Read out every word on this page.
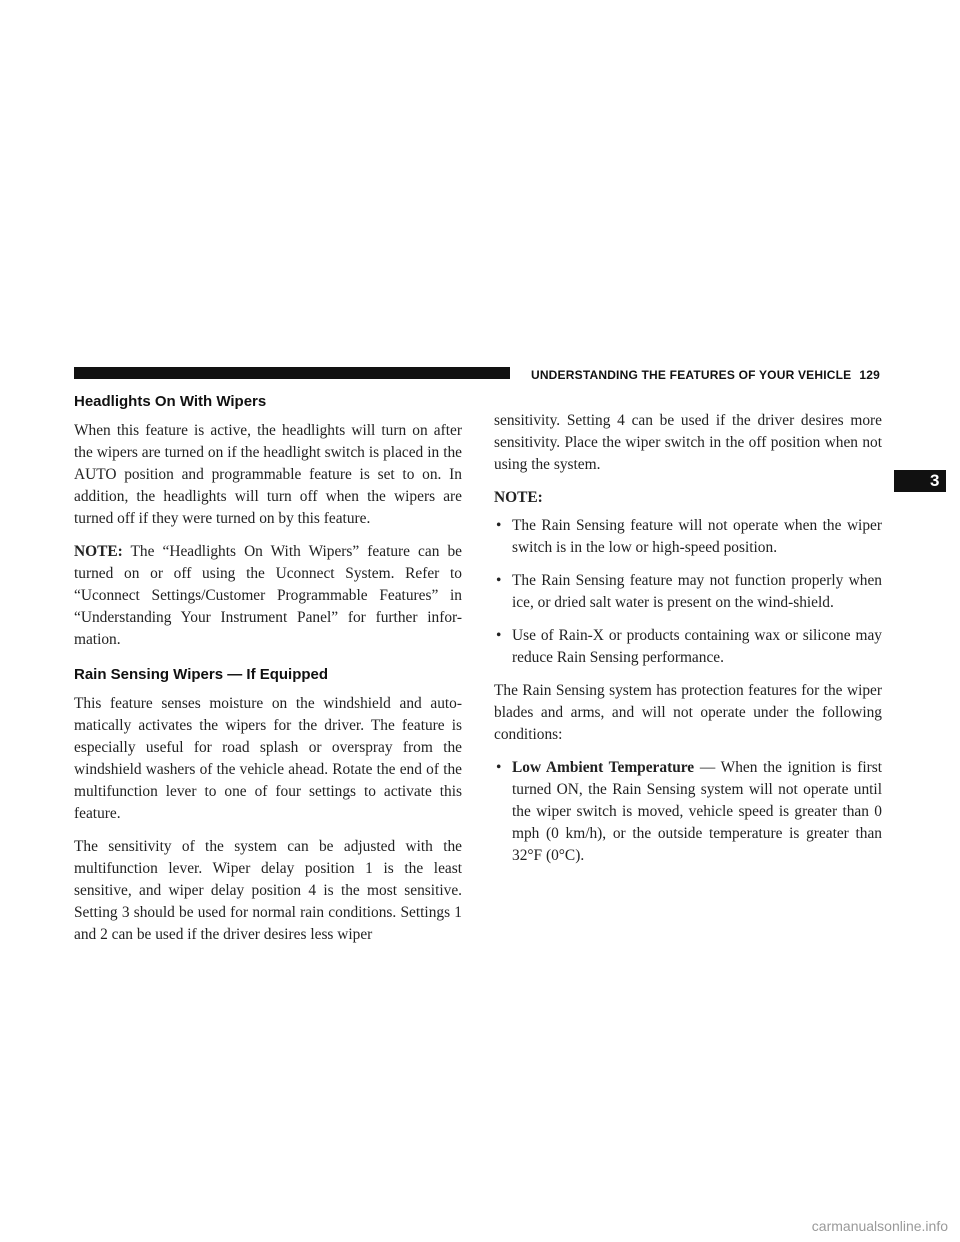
UNDERSTANDING THE FEATURES OF YOUR VEHICLE 129
3
Headlights On With Wipers

When this feature is active, the headlights will turn on after the wipers are turned on if the headlight switch is placed in the AUTO position and programmable feature is set to on. In addition, the headlights will turn off when the wipers are turned off if they were turned on by this feature.

NOTE: The “Headlights On With Wipers” feature can be turned on or off using the Uconnect System. Refer to “Uconnect Settings/Customer Programmable Features” in “Understanding Your Instrument Panel” for further infor-mation.

Rain Sensing Wipers — If Equipped

This feature senses moisture on the windshield and auto-matically activates the wipers for the driver. The feature is especially useful for road splash or overspray from the windshield washers of the vehicle ahead. Rotate the end of the multifunction lever to one of four settings to activate this feature.

The sensitivity of the system can be adjusted with the multifunction lever. Wiper delay position 1 is the least sensitive, and wiper delay position 4 is the most sensitive. Setting 3 should be used for normal rain conditions. Settings 1 and 2 can be used if the driver desires less wiper

sensitivity. Setting 4 can be used if the driver desires more sensitivity. Place the wiper switch in the off position when not using the system.

NOTE:

• The Rain Sensing feature will not operate when the wiper switch is in the low or high-speed position.
• The Rain Sensing feature may not function properly when ice, or dried salt water is present on the wind-shield.
• Use of Rain-X or products containing wax or silicone may reduce Rain Sensing performance.

The Rain Sensing system has protection features for the wiper blades and arms, and will not operate under the following conditions:

• Low Ambient Temperature — When the ignition is first turned ON, the Rain Sensing system will not operate until the wiper switch is moved, vehicle speed is greater than 0 mph (0 km/h), or the outside temperature is greater than 32°F (0°C).
carmanualsonline.info
